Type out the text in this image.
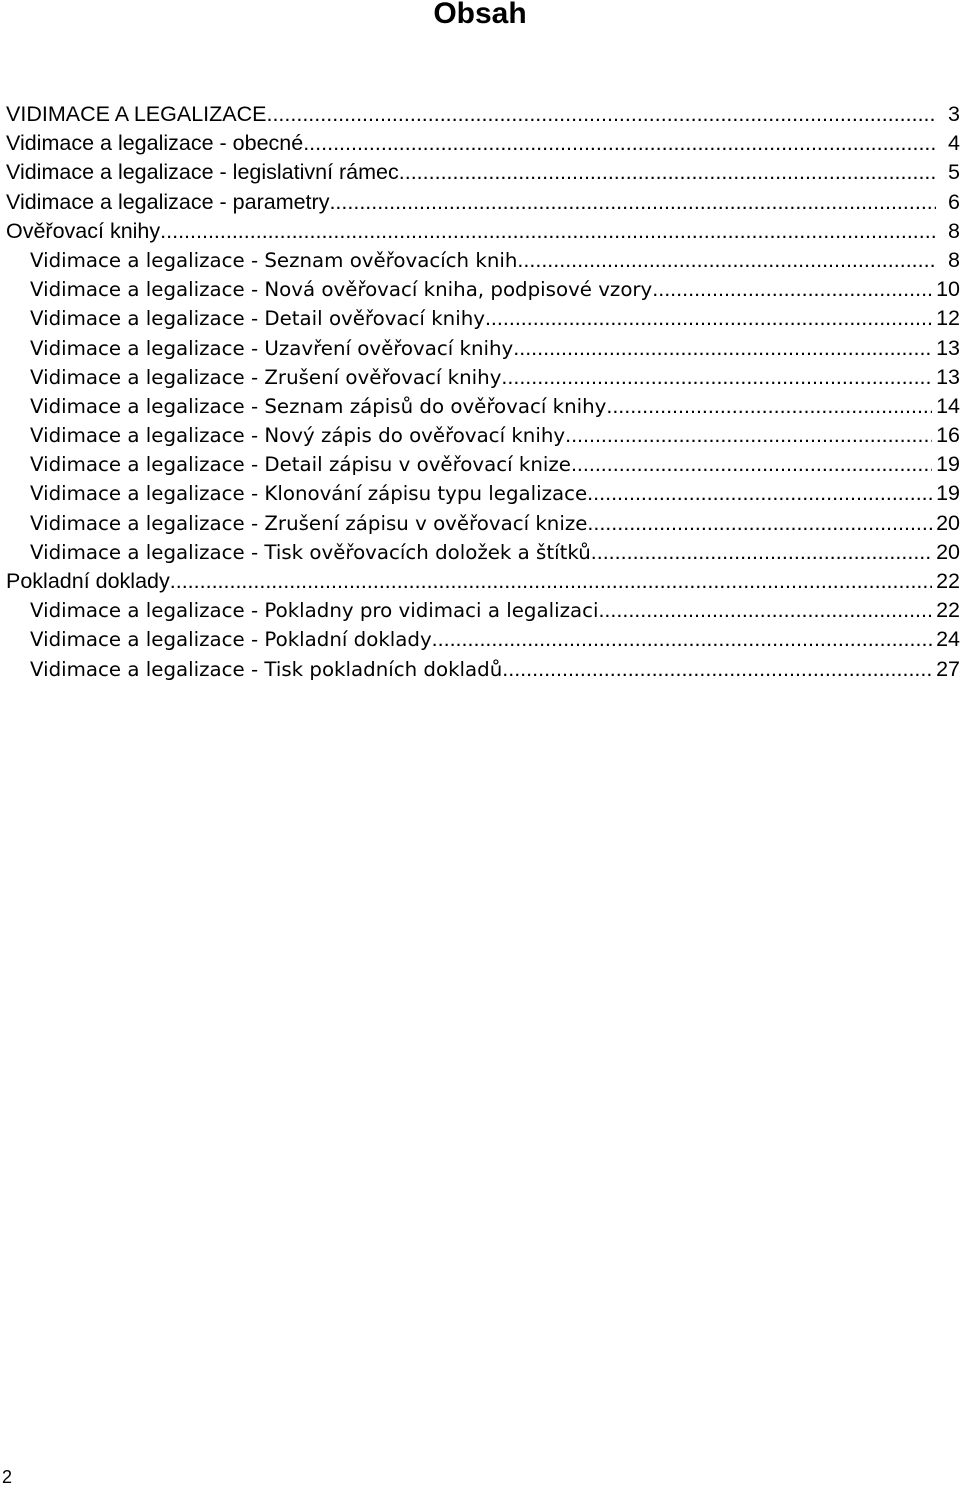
Obsah
VIDIMACE A LEGALIZACE .....	3
Vidimace a legalizace - obecné .....	4
Vidimace a legalizace - legislativní rámec .....	5
Vidimace a legalizace - parametry .....	6
Ověřovací knihy .....	8
Vidimace a legalizace - Seznam ověřovacích knih .....	8
Vidimace a legalizace - Nová ověřovací kniha, podpisové vzory .....	10
Vidimace a legalizace - Detail ověřovací knihy .....	12
Vidimace a legalizace - Uzavření ověřovací knihy .....	13
Vidimace a legalizace - Zrušení ověřovací knihy .....	13
Vidimace a legalizace - Seznam zápisů do ověřovací knihy .....	14
Vidimace a legalizace - Nový zápis do ověřovací knihy .....	16
Vidimace a legalizace - Detail zápisu v ověřovací knize .....	19
Vidimace a legalizace - Klonování zápisu typu legalizace .....	19
Vidimace a legalizace - Zrušení zápisu v ověřovací knize .....	20
Vidimace a legalizace - Tisk ověřovacích doložek a štítků .....	20
Pokladní doklady .....	22
Vidimace a legalizace - Pokladny pro vidimaci a legalizaci .....	22
Vidimace a legalizace - Pokladní doklady .....	24
Vidimace a legalizace - Tisk pokladních dokladů .....	27
2
